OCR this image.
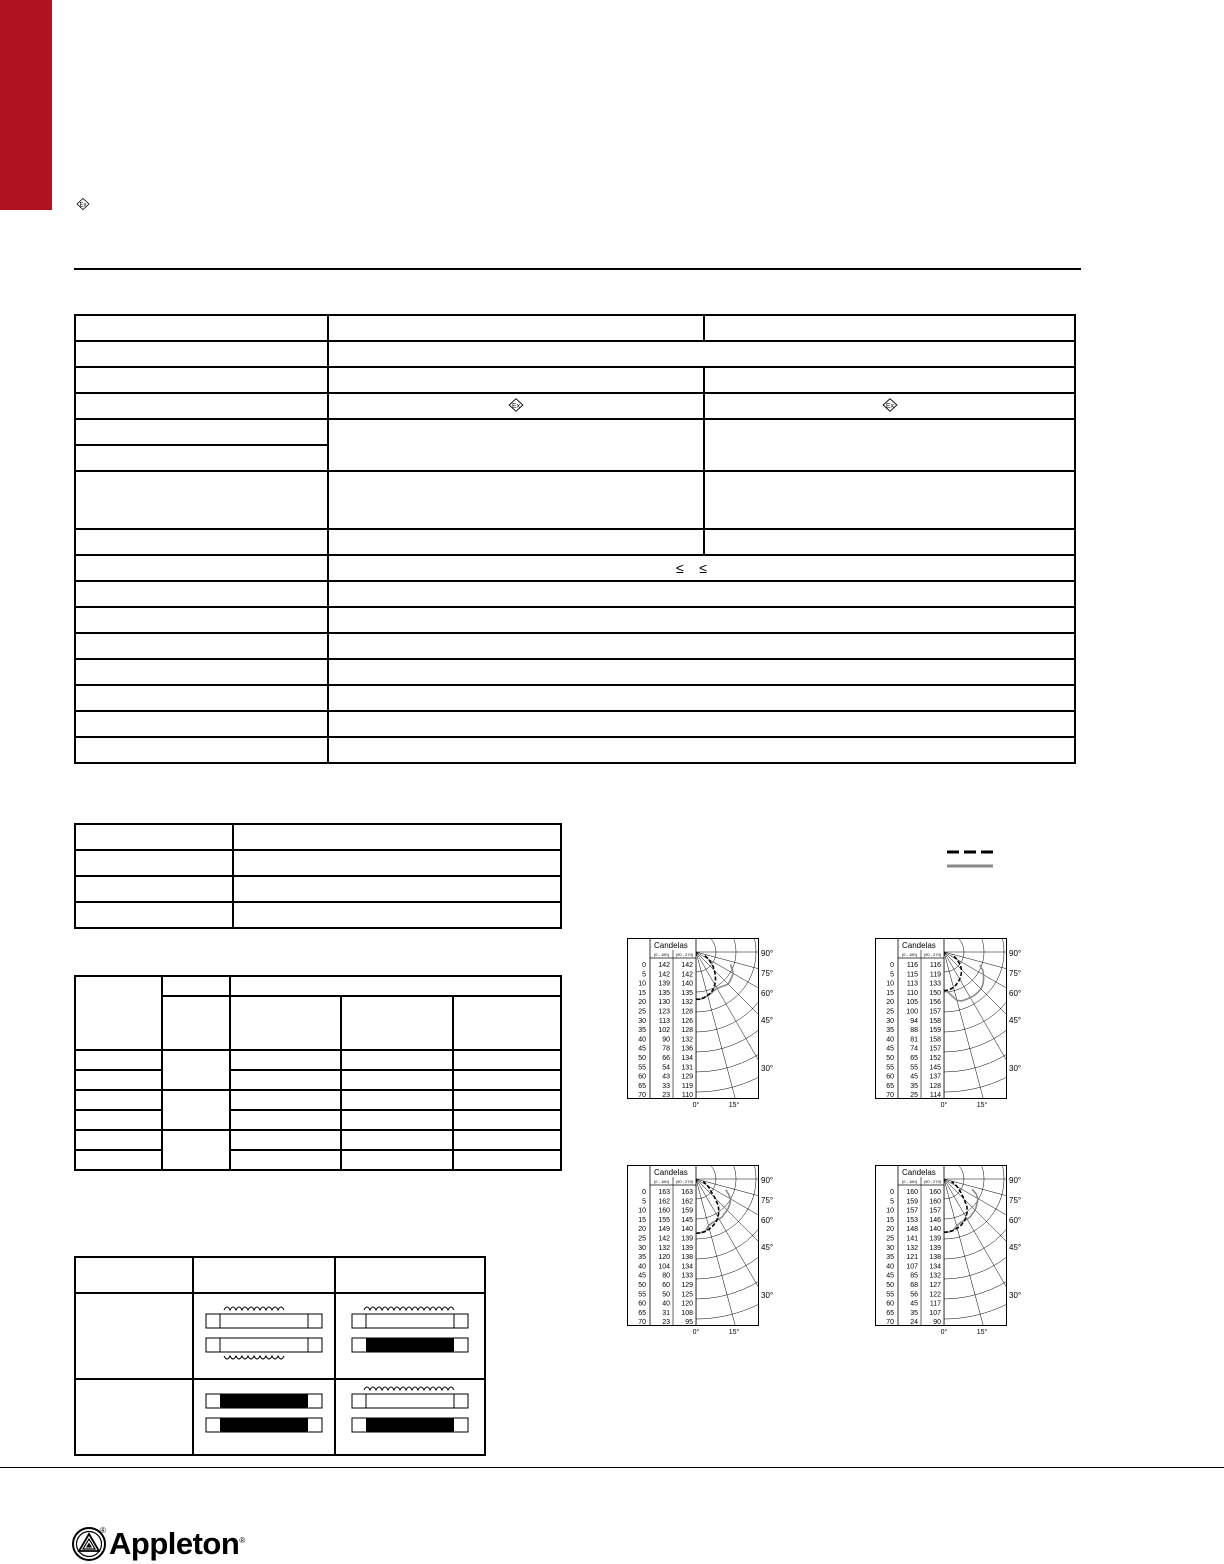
Ex

Ex	Ex

	≤ ≤	

Candelas
(0 - 180) (90 - 270)
0 142 142
5 142 142
10 139 140
15 135 135
20 130 132
25 123 128
30 113 126
35 102 128
40 90 132
45 78 136
50 66 134
55 54 131
60 43 129
65 33 119
70 23 110
90°
75°
60°
45°
30°
0°	15°
Candelas
(0 - 180) (90 - 270)
0 116 116
5 115 119
10 113 133
15 110 150
20 105 156
25 100 157
30 94 158
35 88 159
40 81 158
45 74 157
50 65 152
55 55 145
60 45 137
65 35 128
70 25 114
90°
75°
60°
45°
30°
0°	15°
Candelas
(0 - 180) (90 - 270)
0 163 163
5 162 162
10 160 159
15 155 145
20 149 140
25 142 139
30 132 139
35 120 138
40 104 134
45 80 133
50 60 129
55 50 125
60 40 120
65 31 108
70 23 95
90°
75°
60°
45°
30°
0°	15°
Candelas
(0 - 180) (90 - 270)
0 160 160
5 159 160
10 157 157
15 153 146
20 148 140
25 141 139
30 132 139
35 121 138
40 107 134
45 85 132
50 68 127
55 56 122
60 45 117
65 35 107
70 24 90
90°
75°
60°
45°
30°
0°	15°
Appleton ®
®
